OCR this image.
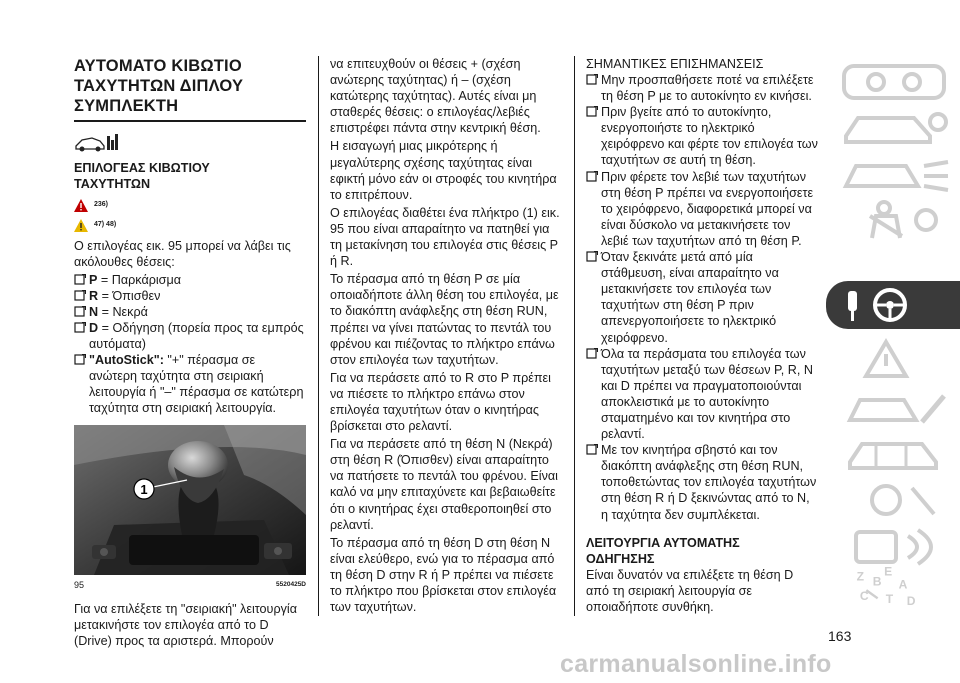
ΑΥΤΟΜΑΤΟ ΚΙΒΩΤΙΟ
ΤΑΧΥΤΗΤΩΝ ΔΙΠΛΟΥ
ΣΥΜΠΛΕΚΤΗ
ΕΠΙΛΟΓΕΑΣ ΚΙΒΩΤΙΟΥ
ΤΑΧΥΤΗΤΩΝ
236)
47) 48)

Ο επιλογέας εικ. 95 μπορεί να λάβει τις ακόλουθες θέσεις:

P = Παρκάρισμα
R = Όπισθεν
N = Νεκρά
D = Οδήγηση (πορεία προς τα εμπρός αυτόματα)
"AutoStick": "+" πέρασμα σε ανώτερη ταχύτητα στη σειριακή λειτουργία ή "–" πέρασμα σε κατώτερη ταχύτητα στη σειριακή λειτουργία.
1
95	5520425D

Για να επιλέξετε τη "σειριακή" λειτουργία μετακινήστε τον επιλογέα από το D (Drive) προς τα αριστερά. Μπορούν

να επιτευχθούν οι θέσεις + (σχέση ανώτερης ταχύτητας) ή – (σχέση κατώτερης ταχύτητας). Αυτές είναι μη σταθερές θέσεις: ο επιλογέας/λεβιές επιστρέφει πάντα στην κεντρική θέση.

Η εισαγωγή μιας μικρότερης ή μεγαλύτερης σχέσης ταχύτητας είναι εφικτή μόνο εάν οι στροφές του κινητήρα το επιτρέπουν.

Ο επιλογέας διαθέτει ένα πλήκτρο (1) εικ. 95 που είναι απαραίτητο να πατηθεί για τη μετακίνηση του επιλογέα στις θέσεις P ή R.

Το πέρασμα από τη θέση P σε μία οποιαδήποτε άλλη θέση του επιλογέα, με το διακόπτη ανάφλεξης στη θέση RUN, πρέπει να γίνει πατώντας το πεντάλ του φρένου και πιέζοντας το πλήκτρο επάνω στον επιλογέα των ταχυτήτων.

Για να περάσετε από το R στο P πρέπει να πιέσετε το πλήκτρο επάνω στον επιλογέα ταχυτήτων όταν ο κινητήρας βρίσκεται στο ρελαντί.

Για να περάσετε από τη θέση N (Νεκρά) στη θέση R (Όπισθεν) είναι απαραίτητο να πατήσετε το πεντάλ του φρένου. Είναι καλό να μην επιταχύνετε και βεβαιωθείτε ότι ο κινητήρας έχει σταθεροποιηθεί στο ρελαντί.

Το πέρασμα από τη θέση D στη θέση N είναι ελεύθερο, ενώ για το πέρασμα από τη θέση D στην R ή P πρέπει να πιέσετε το πλήκτρο που βρίσκεται στον επιλογέα των ταχυτήτων.

ΣΗΜΑΝΤΙΚΕΣ ΕΠΙΣΗΜΑΝΣΕΙΣ
Μην προσπαθήσετε ποτέ να επιλέξετε τη θέση P με το αυτοκίνητο εν κινήσει.
Πριν βγείτε από το αυτοκίνητο, ενεργοποιήστε το ηλεκτρικό χειρόφρενο και φέρτε τον επιλογέα των ταχυτήτων σε αυτή τη θέση.
Πριν φέρετε τον λεβιέ των ταχυτήτων στη θέση P πρέπει να ενεργοποιήσετε το χειρόφρενο, διαφορετικά μπορεί να είναι δύσκολο να μετακινήσετε τον λεβιέ των ταχυτήτων από τη θέση P.
Όταν ξεκινάτε μετά από μία στάθμευση, είναι απαραίτητο να μετακινήσετε τον επιλογέα των ταχυτήτων στη θέση P πριν απενεργοποιήσετε το ηλεκτρικό χειρόφρενο.
Όλα τα περάσματα του επιλογέα των ταχυτήτων μεταξύ των θέσεων P, R, N και D πρέπει να πραγματοποιούνται αποκλειστικά με το αυτοκίνητο σταματημένο και τον κινητήρα στο ρελαντί.
Με τον κινητήρα σβηστό και τον διακόπτη ανάφλεξης στη θέση RUN, τοποθετώντας τον επιλογέα ταχυτήτων στη θέση R ή D ξεκινώντας από το N, η ταχύτητα δεν συμπλέκεται.
ΛΕΙΤΟΥΡΓΙΑ ΑΥΤΟΜΑΤΗΣ
ΟΔΗΓΗΣΗΣ

Είναι δυνατόν να επιλέξετε τη θέση D από τη σειριακή λειτουργία σε οποιαδήποτε συνθήκη.

Z E
B A
C T D
163
carmanualsonline.info
